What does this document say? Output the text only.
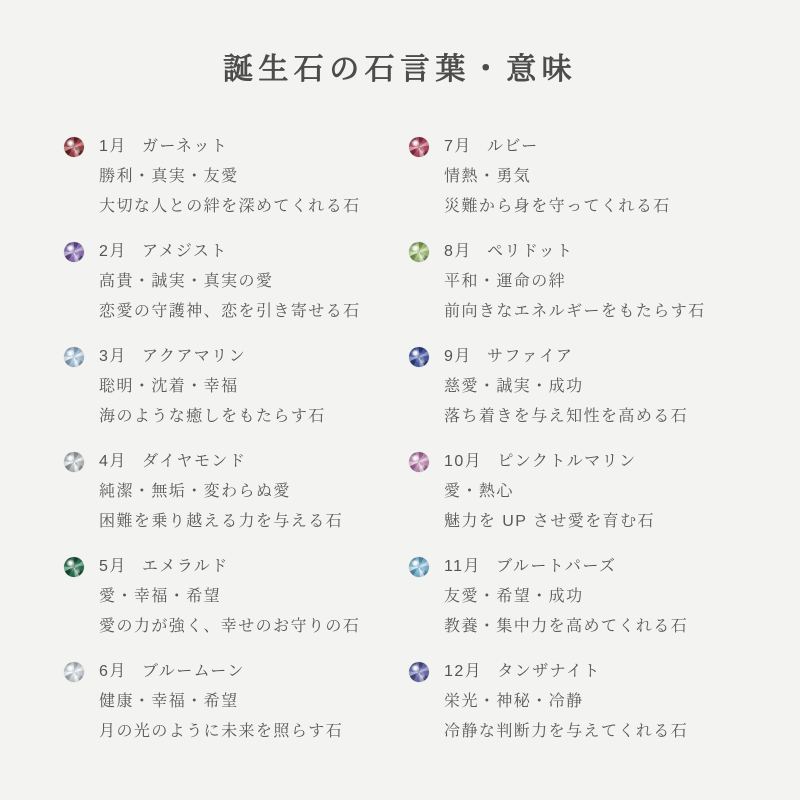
誕生石の石言葉・意味
1月 ガーネット
勝利・真実・友愛
大切な人との絆を深めてくれる石
2月 アメジスト
高貴・誠実・真実の愛
恋愛の守護神、恋を引き寄せる石
3月 アクアマリン
聡明・沈着・幸福
海のような癒しをもたらす石
4月 ダイヤモンド
純潔・無垢・変わらぬ愛
困難を乗り越える力を与える石
5月 エメラルド
愛・幸福・希望
愛の力が強く、幸せのお守りの石
6月 ブルームーン
健康・幸福・希望
月の光のように未来を照らす石
7月 ルビー
情熱・勇気
災難から身を守ってくれる石
8月 ペリドット
平和・運命の絆
前向きなエネルギーをもたらす石
9月 サファイア
慈愛・誠実・成功
落ち着きを与え知性を高める石
10月 ピンクトルマリン
愛・熱心
魅力を UP させ愛を育む石
11月 ブルートパーズ
友愛・希望・成功
教養・集中力を高めてくれる石
12月 タンザナイト
栄光・神秘・冷静
冷静な判断力を与えてくれる石
